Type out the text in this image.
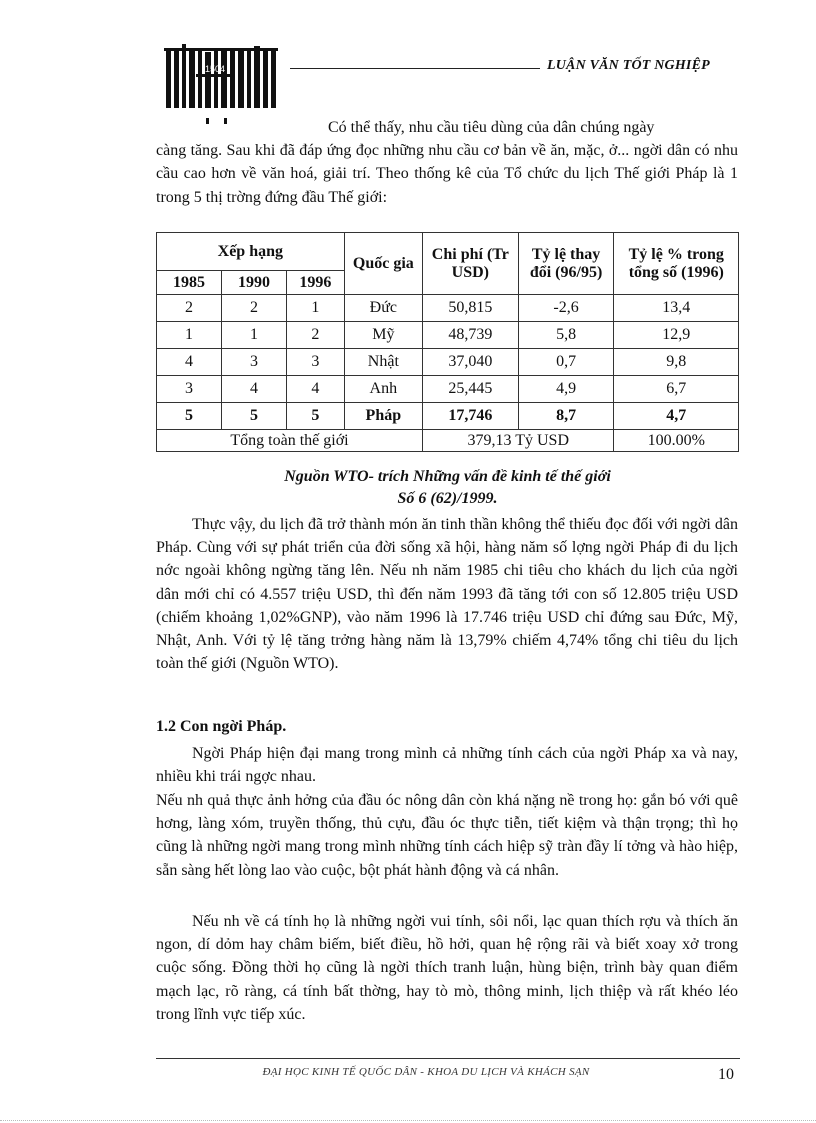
1504	LUẬN VĂN TỐT NGHIỆP
Có thể thấy, nhu cầu tiêu dùng của dân chúng ngày
càng tăng. Sau khi đã đáp ứng đọc những nhu cầu cơ bản về ăn, mặc, ở... ngời dân có nhu cầu cao hơn về văn hoá, giải trí. Theo thống kê của Tổ chức du lịch Thế giới Pháp là 1 trong 5 thị trờng đứng đầu Thế giới:
Xếp hạng			Quốc gia	Chi phí (Tr USD)	Tỷ lệ thay đổi (96/95)	Tỷ lệ % trong tổng số (1996)
1985	1990	1996				
2	2	1	Đức	50,815	-2,6	13,4
1	1	2	Mỹ	48,739	5,8	12,9
4	3	3	Nhật	37,040	0,7	9,8
3	4	4	Anh	25,445	4,9	6,7
5	5	5	Pháp	17,746	8,7	4,7
Tổng toàn thế giới				379,13 Tỷ USD		100.00%
Nguồn WTO- trích Những vấn đề kinh tế thế giới
Số 6 (62)/1999.
Thực vậy, du lịch đã trở thành món ăn tinh thần không thể thiếu đọc đối với ngời dân Pháp. Cùng với sự phát triển của đời sống xã hội, hàng năm số lợng ngời Pháp đi du lịch nớc ngoài không ngừng tăng lên. Nếu nh năm 1985 chi tiêu cho khách du lịch của ngời dân mới chỉ có 4.557 triệu USD, thì đến năm 1993 đã tăng tới con số 12.805 triệu USD (chiếm khoảng 1,02%GNP), vào năm 1996 là 17.746 triệu USD chỉ đứng sau Đức, Mỹ, Nhật, Anh. Với tỷ lệ tăng trởng hàng năm là 13,79% chiếm 4,74% tổng chi tiêu du lịch toàn thế giới (Nguồn WTO).
1.2 Con ngời Pháp.
Ngời Pháp hiện đại mang trong mình cả những tính cách của ngời Pháp xa và nay, nhiều khi trái ngợc nhau.
Nếu nh quả thực ảnh hởng của đầu óc nông dân còn khá nặng nề trong họ: gắn bó với quê hơng, làng xóm, truyền thống, thủ cựu, đầu óc thực tiễn, tiết kiệm và thận trọng; thì họ cũng là những ngời mang trong mình những tính cách hiệp sỹ tràn đầy lí tởng và hào hiệp, sẵn sàng hết lòng lao vào cuộc, bột phát hành động và cá nhân.
Nếu nh về cá tính họ là những ngời vui tính, sôi nổi, lạc quan thích rợu và thích ăn ngon, dí dỏm hay châm biếm, biết điều, hồ hởi, quan hệ rộng rãi và biết xoay xở trong cuộc sống. Đồng thời họ cũng là ngời thích tranh luận, hùng biện, trình bày quan điểm mạch lạc, rõ ràng, cá tính bất thờng, hay tò mò, thông minh, lịch thiệp và rất khéo léo trong lĩnh vực tiếp xúc.
ĐẠI HỌC KINH TẾ QUỐC DÂN - KHOA DU LỊCH VÀ KHÁCH SẠN	10
